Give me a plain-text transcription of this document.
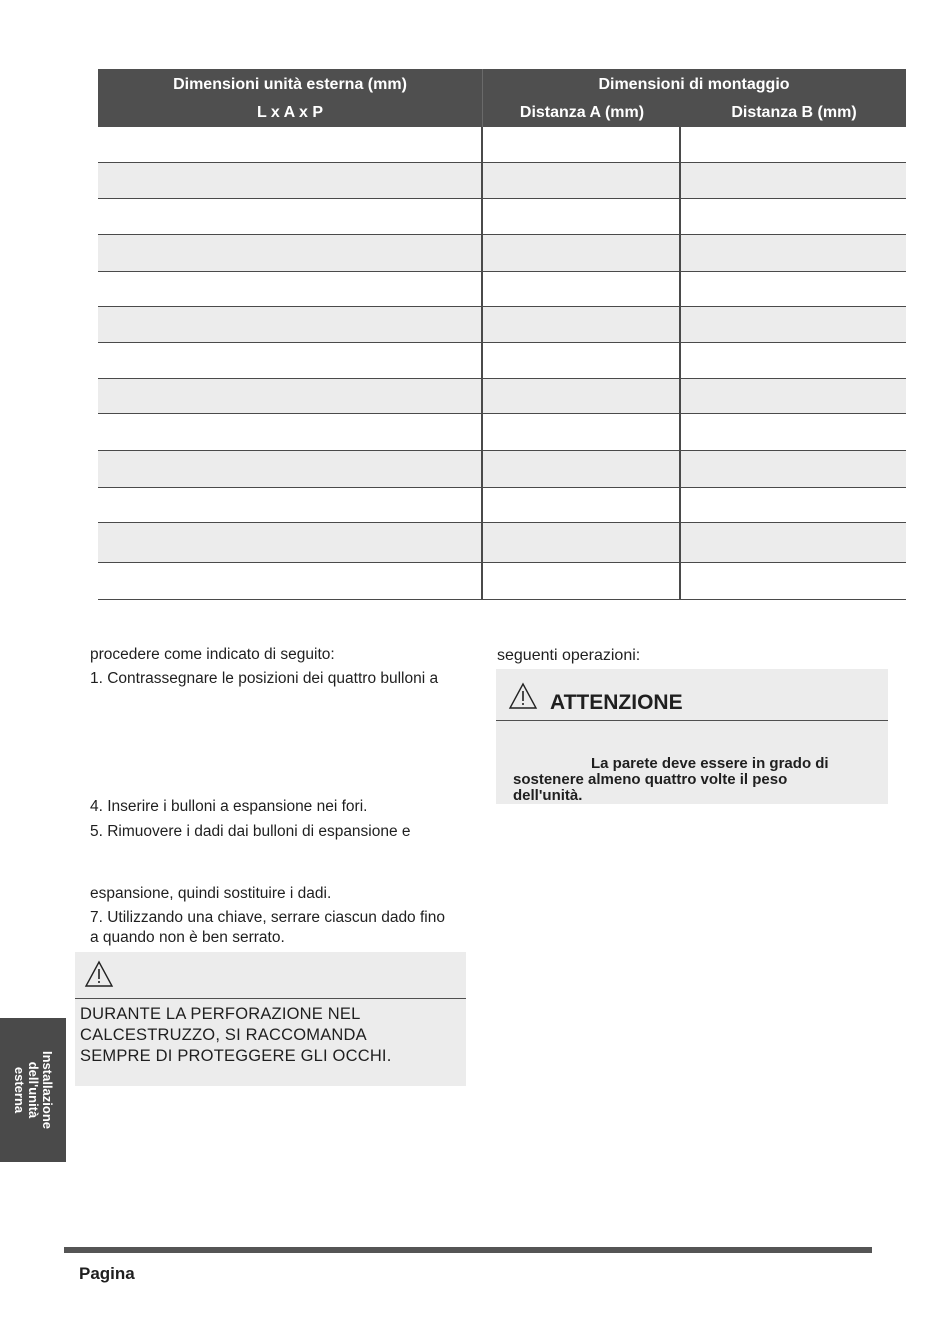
Dimensioni unità esterna (mm)
L x A x P
Dimensioni di montaggio
Distanza A (mm)	Distanza B (mm)
procedere come indicato di seguito:
1. Contrassegnare le posizioni dei quattro bulloni a
4. Inserire i bulloni a espansione nei fori.
5. Rimuovere i dadi dai bulloni di espansione e
espansione, quindi sostituire i dadi.
7. Utilizzando una chiave, serrare ciascun dado fino
a quando non è ben serrato.
DURANTE LA PERFORAZIONE NEL
CALCESTRUZZO, SI RACCOMANDA
SEMPRE DI PROTEGGERE GLI OCCHI.
seguenti operazioni:
ATTENZIONE
La parete deve essere in grado di
sostenere almeno quattro volte il peso
dell'unità.
Installazione
dell'unità
esterna
Pagina
